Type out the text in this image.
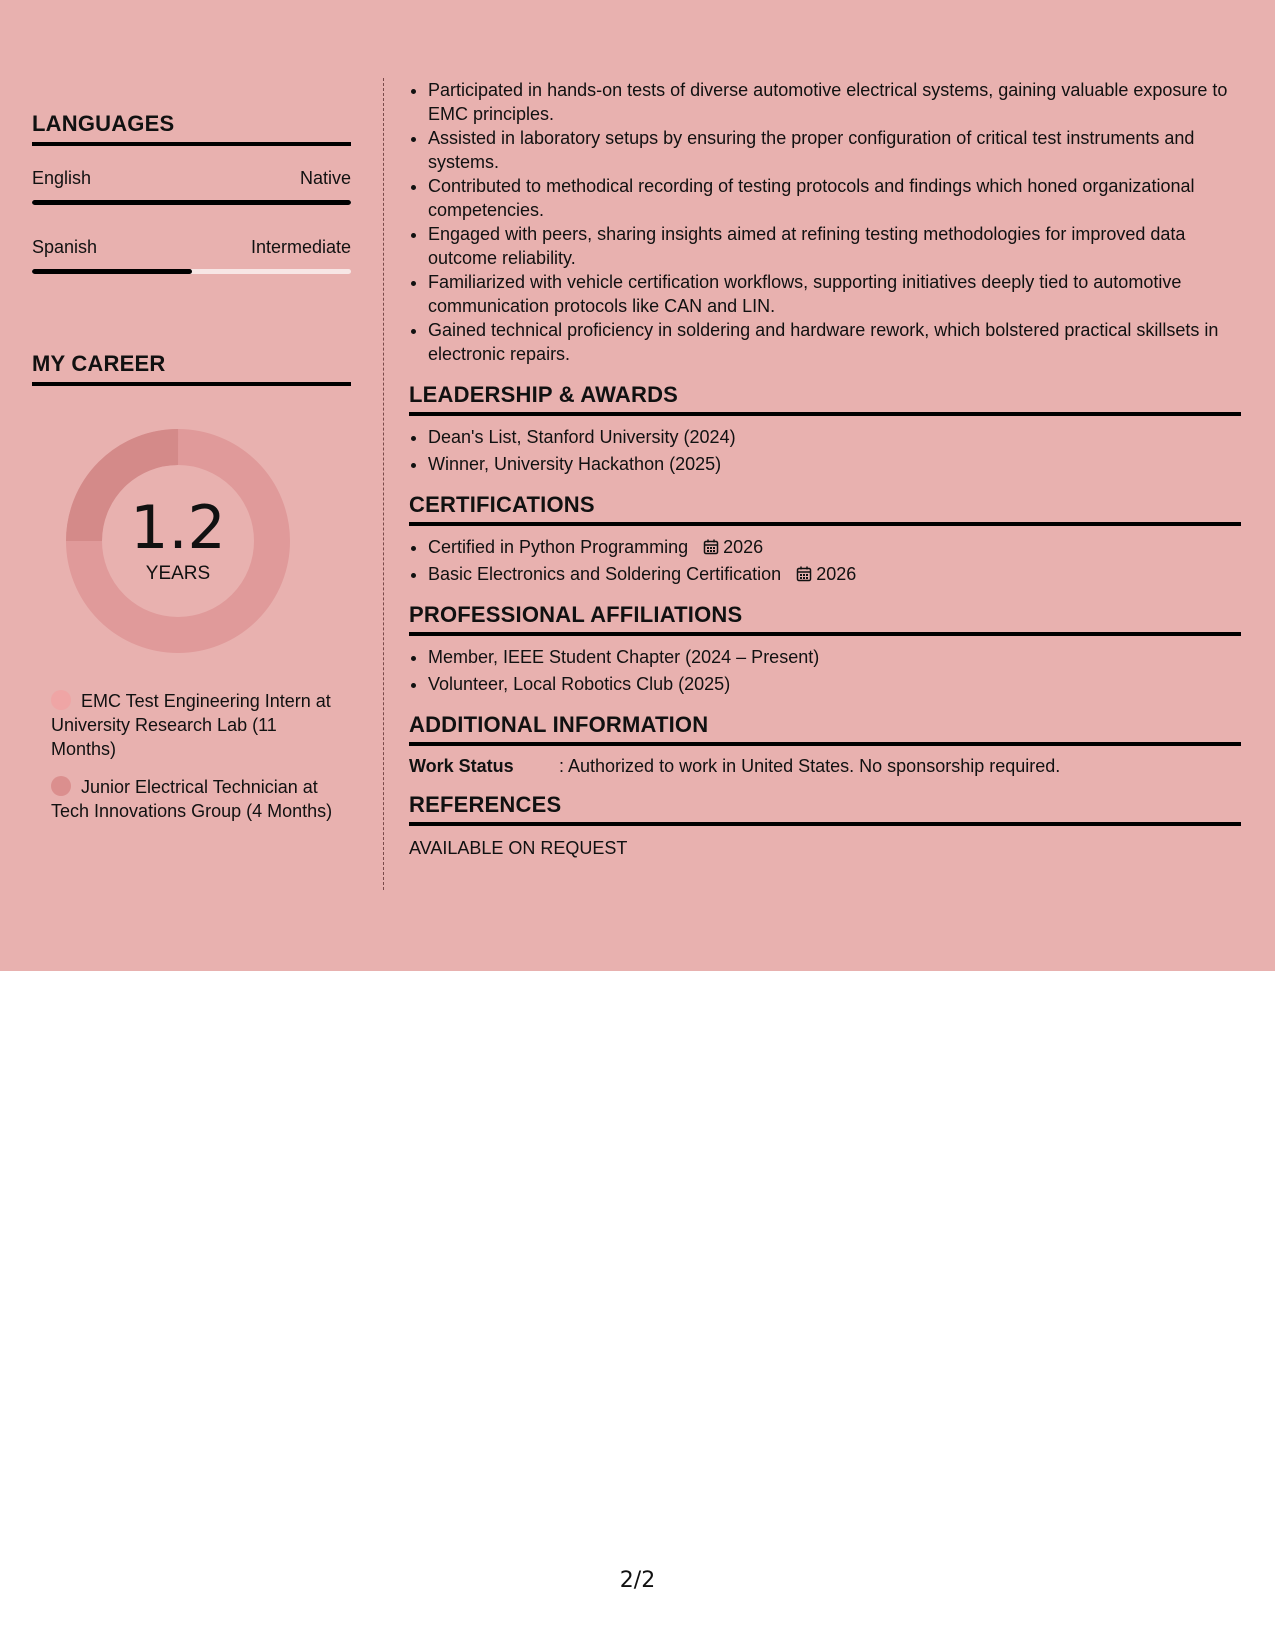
LANGUAGES
English	Native
Spanish	Intermediate
MY CAREER
1.2
YEARS
EMC Test Engineering Intern at University Research Lab (11 Months)
Junior Electrical Technician at Tech Innovations Group (4 Months)
• Participated in hands-on tests of diverse automotive electrical systems, gaining valuable exposure to EMC principles.
• Assisted in laboratory setups by ensuring the proper configuration of critical test instruments and systems.
• Contributed to methodical recording of testing protocols and findings which honed organizational competencies.
• Engaged with peers, sharing insights aimed at refining testing methodologies for improved data outcome reliability.
• Familiarized with vehicle certification workflows, supporting initiatives deeply tied to automotive communication protocols like CAN and LIN.
• Gained technical proficiency in soldering and hardware rework, which bolstered practical skillsets in electronic repairs.
LEADERSHIP & AWARDS
• Dean's List, Stanford University (2024)
• Winner, University Hackathon (2025)
CERTIFICATIONS
• Certified in Python Programming 2026
• Basic Electronics and Soldering Certification 2026
PROFESSIONAL AFFILIATIONS
• Member, IEEE Student Chapter (2024 – Present)
• Volunteer, Local Robotics Club (2025)
ADDITIONAL INFORMATION
Work Status	: Authorized to work in United States. No sponsorship required.
REFERENCES
AVAILABLE ON REQUEST
2/2
